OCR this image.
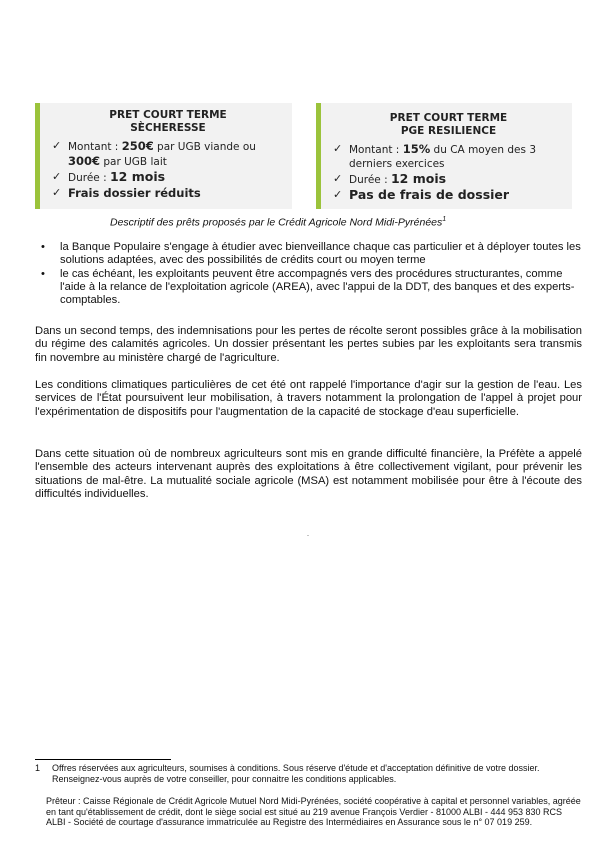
PRET COURT TERME
SÈCHERESSE
✓ Montant : 250€ par UGB viande ou 300€ par UGB lait
✓ Durée : 12 mois
✓ Frais dossier réduits
PRET COURT TERME
PGE RESILIENCE
✓ Montant : 15% du CA moyen des 3 derniers exercices
✓ Durée : 12 mois
✓ Pas de frais de dossier
Descriptif des prêts proposés par le Crédit Agricole Nord Midi-Pyrénées$^1$
• la Banque Populaire s'engage à étudier avec bienveillance chaque cas particulier et à déployer toutes les solutions adaptées, avec des possibilités de crédits court ou moyen terme
• le cas échéant, les exploitants peuvent être accompagnés vers des procédures structurantes, comme l'aide à la relance de l'exploitation agricole (AREA), avec l'appui de la DDT, des banques et des experts-comptables.

Dans un second temps, des indemnisations pour les pertes de récolte seront possibles grâce à la mobilisation du régime des calamités agricoles. Un dossier présentant les pertes subies par les exploitants sera transmis fin novembre au ministère chargé de l'agriculture.

Les conditions climatiques particulières de cet été ont rappelé l'importance d'agir sur la gestion de l'eau. Les services de l'État poursuivent leur mobilisation, à travers notamment la prolongation de l'appel à projet pour l'expérimentation de dispositifs pour l'augmentation de la capacité de stockage d'eau superficielle.

Dans cette situation où de nombreux agriculteurs sont mis en grande difficulté financière, la Préfète a appelé l'ensemble des acteurs intervenant auprès des exploitations à être collectivement vigilant, pour prévenir les situations de mal-être. La mutualité sociale agricole (MSA) est notamment mobilisée pour être à l'écoute des difficultés individuelles.

-
1	Offres réservées aux agriculteurs, soumises à conditions. Sous réserve d'étude et d'acceptation définitive de votre dossier. Renseignez-vous auprès de votre conseiller, pour connaitre les conditions applicables.
Prêteur : Caisse Régionale de Crédit Agricole Mutuel Nord Midi-Pyrénées, société coopérative à capital et personnel variables, agréée en tant qu'établissement de crédit, dont le siège social est situé au 219 avenue François Verdier - 81000 ALBI - 444 953 830 RCS ALBI - Société de courtage d'assurance immatriculée au Registre des Intermédiaires en Assurance sous le n° 07 019 259.
